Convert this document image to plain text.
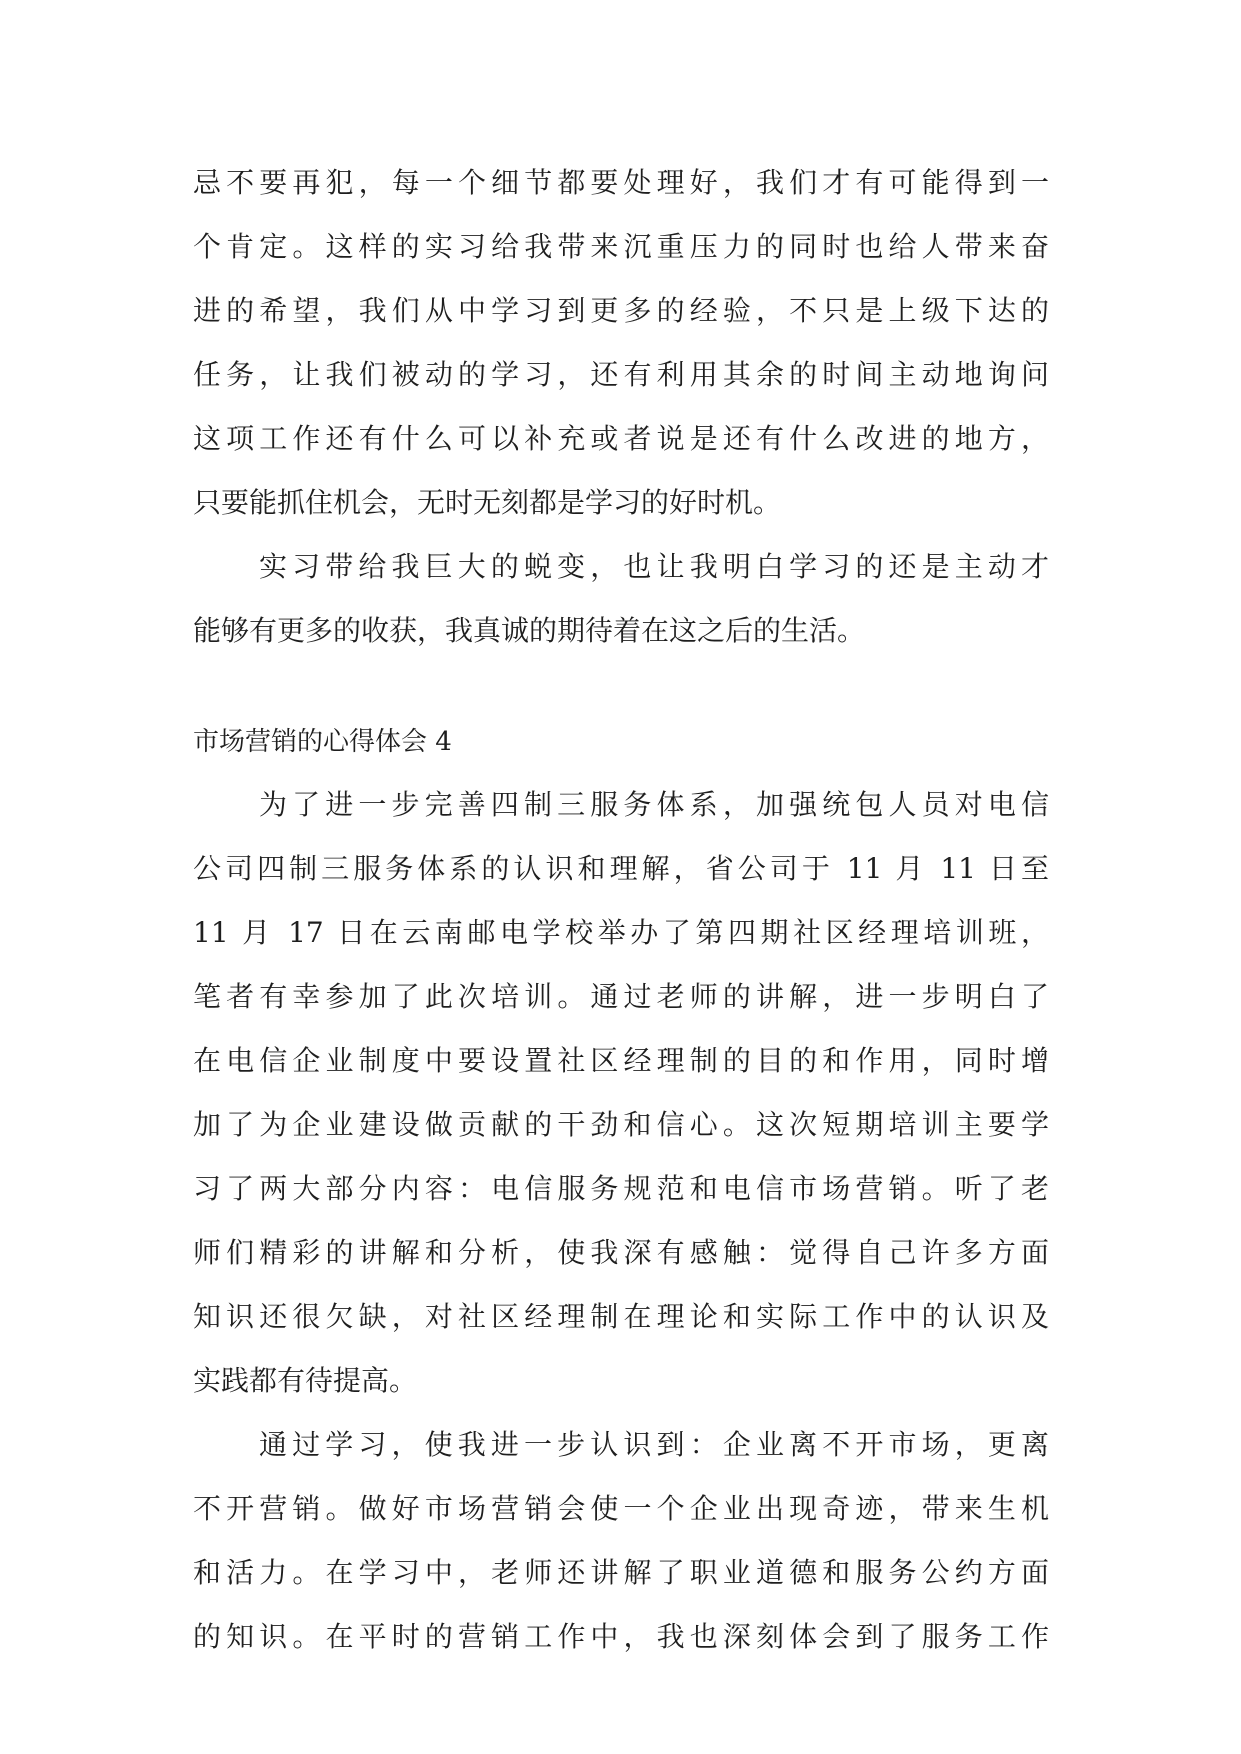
忌不要再犯，每一个细节都要处理好，我们才有可能得到一
个肯定。这样的实习给我带来沉重压力的同时也给人带来奋
进的希望，我们从中学习到更多的经验，不只是上级下达的
任务，让我们被动的学习，还有利用其余的时间主动地询问
这项工作还有什么可以补充或者说是还有什么改进的地方，
只要能抓住机会，无时无刻都是学习的好时机。
实习带给我巨大的蜕变，也让我明白学习的还是主动才
能够有更多的收获，我真诚的期待着在这之后的生活。
市场营销的心得体会 4
为了进一步完善四制三服务体系，加强统包人员对电信
公司四制三服务体系的认识和理解，省公司于 11 月 11 日至
11 月 17 日在云南邮电学校举办了第四期社区经理培训班，
笔者有幸参加了此次培训。通过老师的讲解，进一步明白了
在电信企业制度中要设置社区经理制的目的和作用，同时增
加了为企业建设做贡献的干劲和信心。这次短期培训主要学
习了两大部分内容：电信服务规范和电信市场营销。听了老
师们精彩的讲解和分析，使我深有感触：觉得自己许多方面
知识还很欠缺，对社区经理制在理论和实际工作中的认识及
实践都有待提高。
通过学习，使我进一步认识到：企业离不开市场，更离
不开营销。做好市场营销会使一个企业出现奇迹，带来生机
和活力。在学习中，老师还讲解了职业道德和服务公约方面
的知识。在平时的营销工作中，我也深刻体会到了服务工作
